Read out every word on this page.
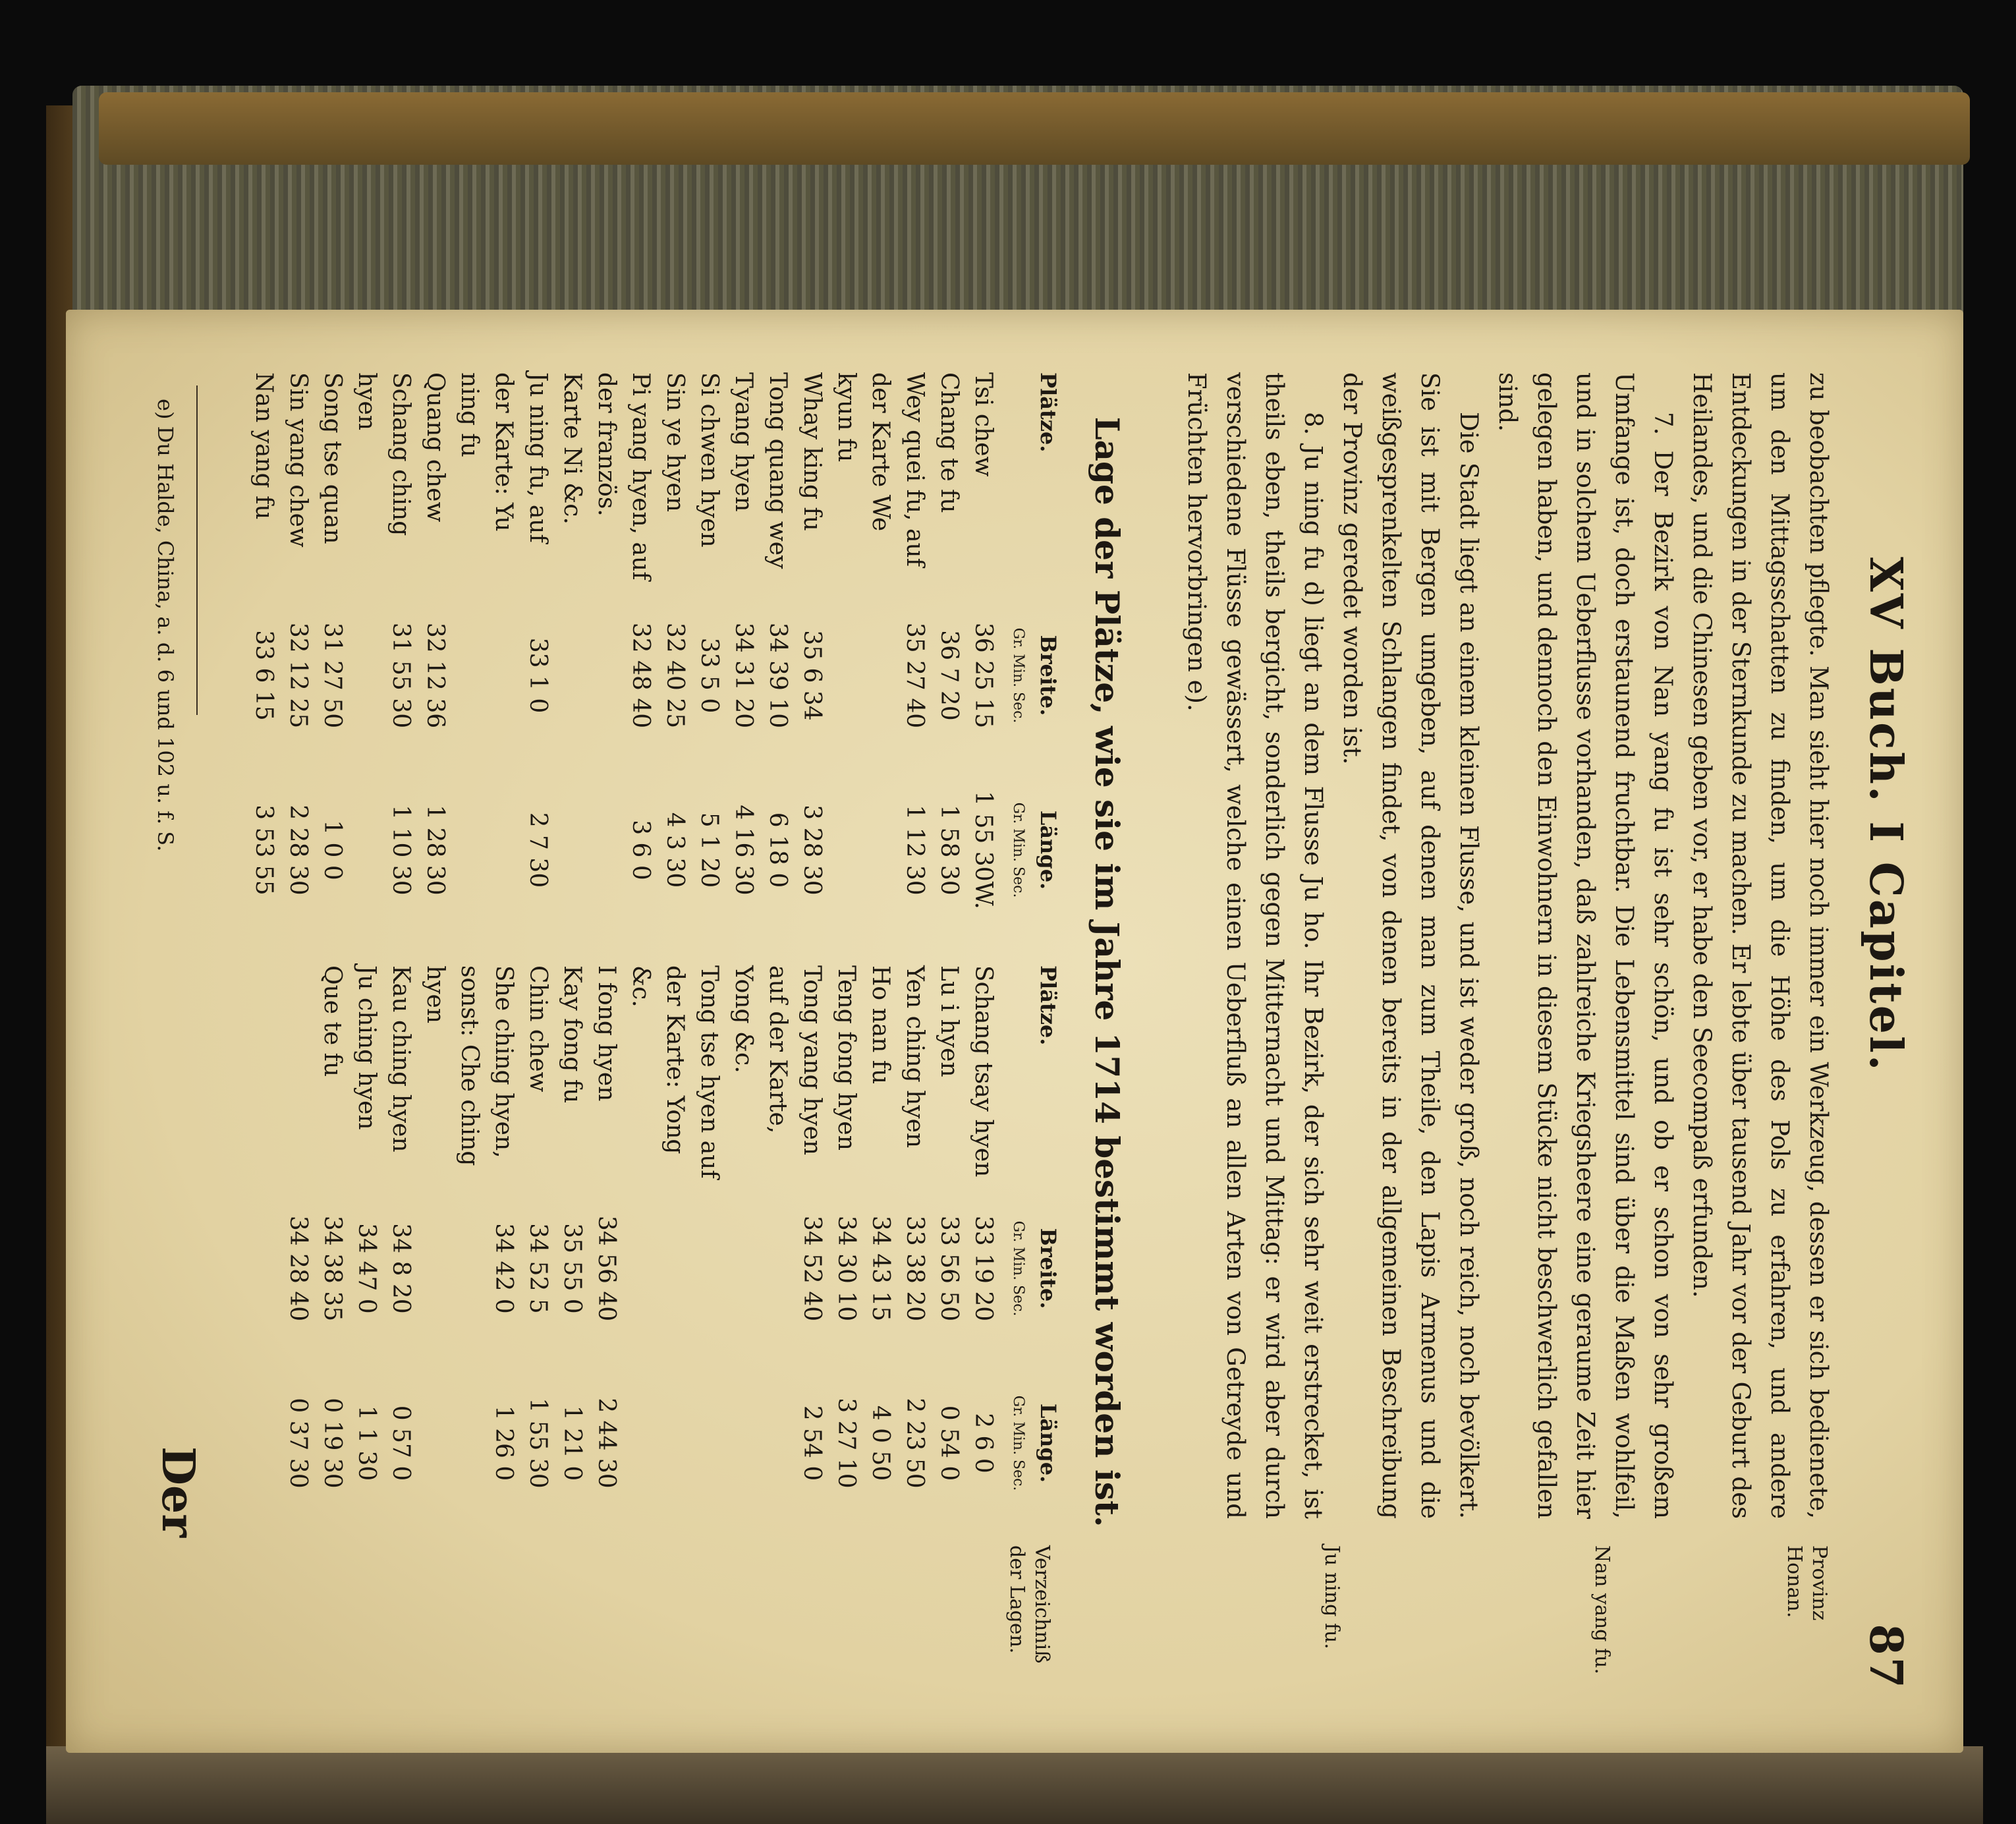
XV Buch. I Capitel.
87

zu beobachten pflegte. Man sieht hier noch immer ein Werkzeug, dessen er sich bedienete, um den Mittagsschatten zu finden, um die Höhe des Pols zu erfahren, und andere Entdeckungen in der Sternkunde zu machen. Er lebte über tausend Jahr vor der Geburt des Heilandes, und die Chinesen geben vor, er habe den Seecompaß erfunden.

7. Der Bezirk von Nan yang fu ist sehr schön, und ob er schon von sehr großem Umfange ist, doch erstaunend fruchtbar. Die Lebensmittel sind über die Maßen wohlfeil, und in solchem Ueberflusse vorhanden, daß zahlreiche Kriegsheere eine geraume Zeit hier gelegen haben, und dennoch den Einwohnern in diesem Stücke nicht beschwerlich gefallen sind.

Die Stadt liegt an einem kleinen Flusse, und ist weder groß, noch reich, noch bevölkert. Sie ist mit Bergen umgeben, auf denen man zum Theile, den Lapis Armenus und die weißgesprenkelten Schlangen findet, von denen bereits in der allgemeinen Beschreibung der Provinz geredet worden ist.

8. Ju ning fu d) liegt an dem Flusse Ju ho. Ihr Bezirk, der sich sehr weit erstrecket, ist theils eben, theils bergicht, sonderlich gegen Mitternacht und Mittag: er wird aber durch verschiedene Flüsse gewässert, welche einen Ueberfluß an allen Arten von Getreyde und Früchten hervorbringen e).

Provinz Honan.
Nan yang fu.
Ju ning fu.
Verzeichniß der Lagen.
Lage der Plätze, wie sie im Jahre 1714 bestimmt worden ist.
Plätze.
Breite.
Länge.
Gr. Min. Sec.
Gr. Min. Sec.
Tsi chew
36 25 15
1 55 30W.
Chang te fu
36 7 20
1 58 30
Wey quei fu, auf der Karte We kyun fu
35 27 40
1 12 30
Whay king fu
35 6 34
3 28 30
Tong quang wey
34 39 10
6 18 0
Tyang hyen
34 31 20
4 16 30
Si chwen hyen
33 5 0
5 1 20
Sin ye hyen
32 40 25
4 3 30
Pi yang hyen, auf der französ. Karte Ni &c.
32 48 40
3 6 0
Ju ning fu, auf der Karte: Yu ning fu
33 1 0
2 7 30
Quang chew
32 12 36
1 28 30
Schang ching hyen
31 55 30
1 10 30
Song tse quan
31 27 50
1 0 0
Sin yang chew
32 12 25
2 28 30
Nan yang fu
33 6 15
3 53 55
Plätze.
Breite.
Länge.
Gr. Min. Sec.
Gr. Min. Sec.
Schang tsay hyen
33 19 20
2 6 0
Lu i hyen
33 56 50
0 54 0
Yen ching hyen
33 38 20
2 23 50
Ho nan fu
34 43 15
4 0 50
Teng fong hyen
34 30 10
3 27 10
Tong yang hyen auf der Karte, Yong &c.
34 52 40
2 54 0
Tong tse hyen auf der Karte: Yong &c.
I fong hyen
34 56 40
2 44 30
Kay fong fu
35 55 0
1 21 0
Chin chew
34 52 5
1 55 30
She ching hyen, sonst: Che ching hyen
34 42 0
1 26 0
Kau ching hyen
34 8 20
0 57 0
Ju ching hyen
34 47 0
1 1 30
Que te fu
34 38 35
0 19 30
34 28 40
0 37 30
e) Du Halde, China, a. d. 6 und 102 u. f. S.
Der
